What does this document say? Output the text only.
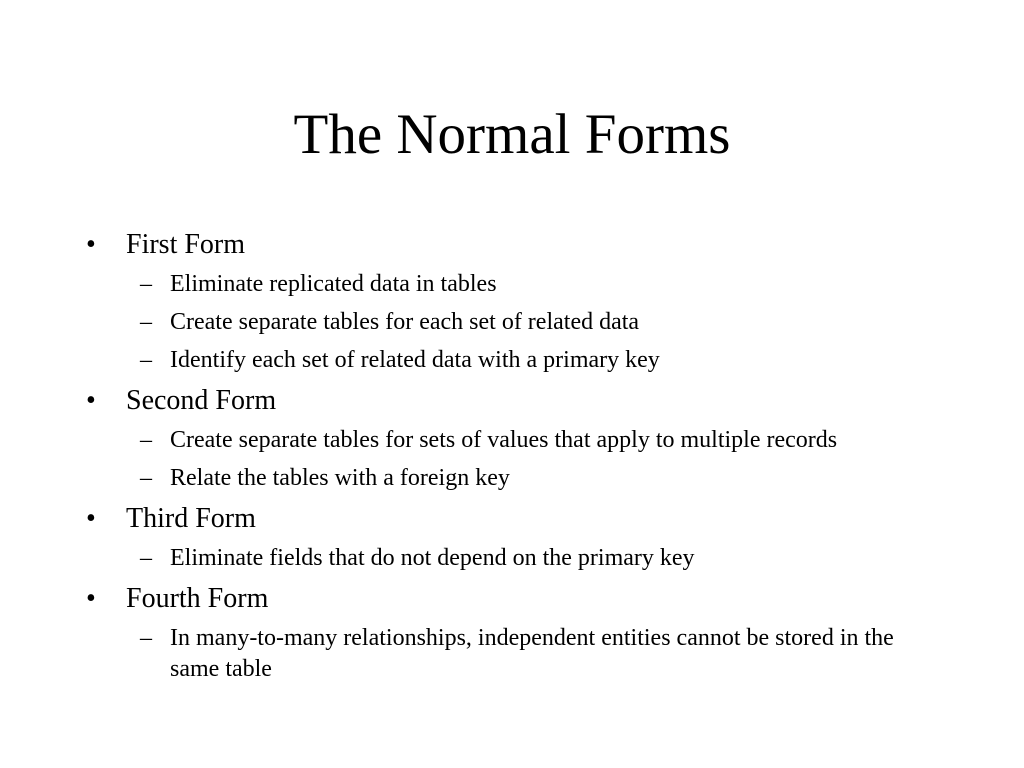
The Normal Forms
•	First Form
– Eliminate replicated data in tables
– Create separate tables for each set of related data
– Identify each set of related data with a primary key
•	Second Form
– Create separate tables for sets of values that apply to multiple records
– Relate the tables with a foreign key
•	Third Form
– Eliminate fields that do not depend on the primary key
•	Fourth Form
– In many-to-many relationships, independent entities cannot be stored in the same table
